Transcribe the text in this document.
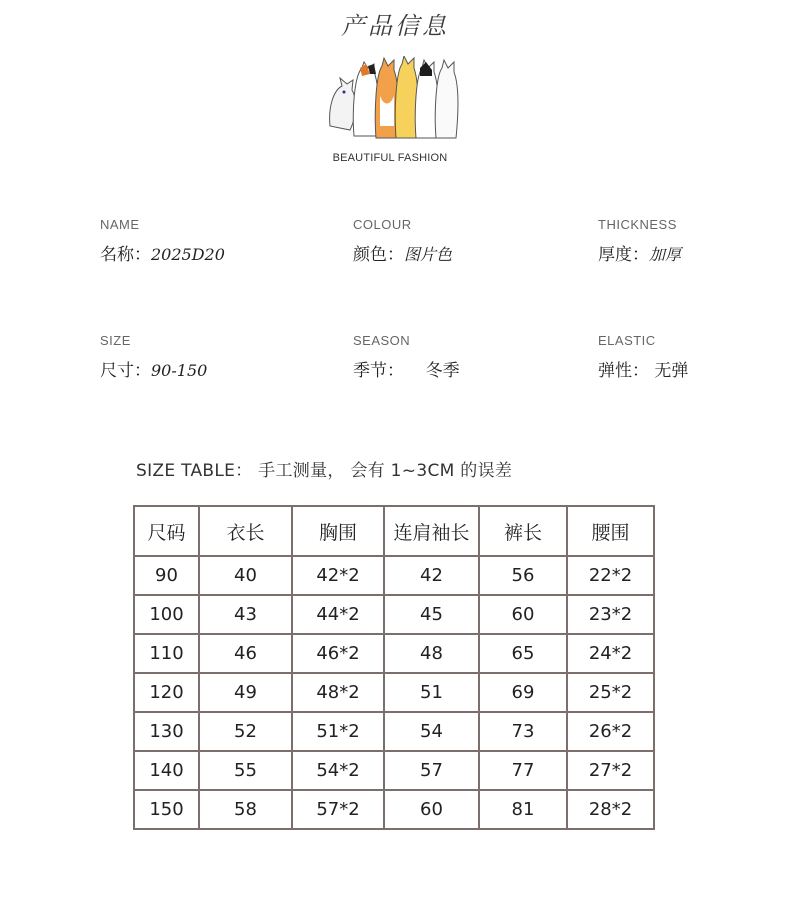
产品信息
BEAUTIFUL FASHION
NAME
名称：2025D20
COLOUR
颜色：图片色
THICKNESS
厚度：加厚
SIZE
尺寸：90-150
SEASON
季节： 冬季
ELASTIC
弹性： 无弹
SIZE TABLE： 手工测量， 会有 1~3CM 的误差
尺码	衣长	胸围	连肩袖长	裤长	腰围
90	40	42*2	42	56	22*2
100	43	44*2	45	60	23*2
110	46	46*2	48	65	24*2
120	49	48*2	51	69	25*2
130	52	51*2	54	73	26*2
140	55	54*2	57	77	27*2
150	58	57*2	60	81	28*2
